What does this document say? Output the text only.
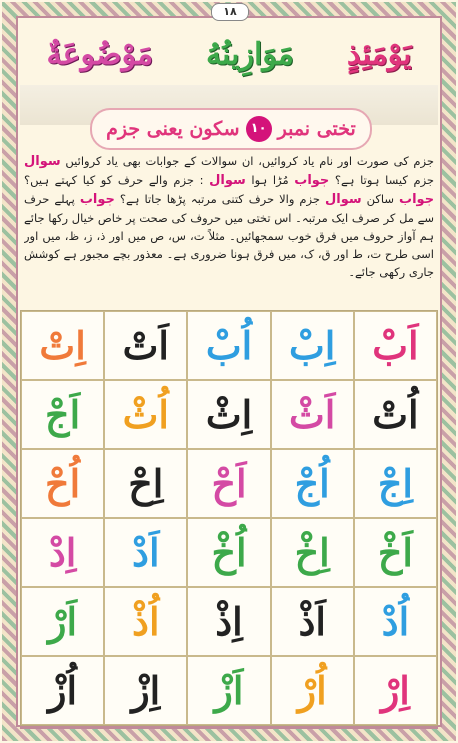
۱۸
مَوْضُوعَةٌ مَوَازِينُهُ يَوْمَئِذٍ
تختی نمبر
۱۰
سکون یعنی جزم
جزم کی صورت اور نام یاد کروائیں، ان سوالات کے جوابات بھی یاد کروائیں سوال جزم کیسا ہوتا ہے؟ جواب مُڑا ہوا سوال : جزم والے حرف کو کیا کہتے ہیں؟ جواب ساکن سوال جزم والا حرف کتنی مرتبہ پڑھا جاتا ہے؟ جواب پہلے حرف سے مل کر صرف ایک مرتبہ۔ اس تختی میں حروف کی صحت پر خاص خیال رکھا جائے ہم آواز حروف میں فرق خوب سمجھائیں۔ مثلاً ت، س، ص میں اور ذ، ز، ظ، میں اور اسی طرح ت، ط اور ق، ک، میں فرق ہونا ضروری ہے۔ معذور بچے مجبور ہے کوشش جاری رکھی جائے۔
اِتْ اَتْ اُبْ اِبْ اَبْ
اَجْ	اُثْ اِثْ اَثْ اُتْ
اُحْ	اِحْ	اَحْ	اُجْ	اِجْ
اِدْ	اَدْ	اُخْ	اِخْ	اَخْ
اَرْ	اُذْ	اِذْ	اَذْ	اُدْ
اُزْ	اِزْ	اَزْ	اُرْ	اِرْ
